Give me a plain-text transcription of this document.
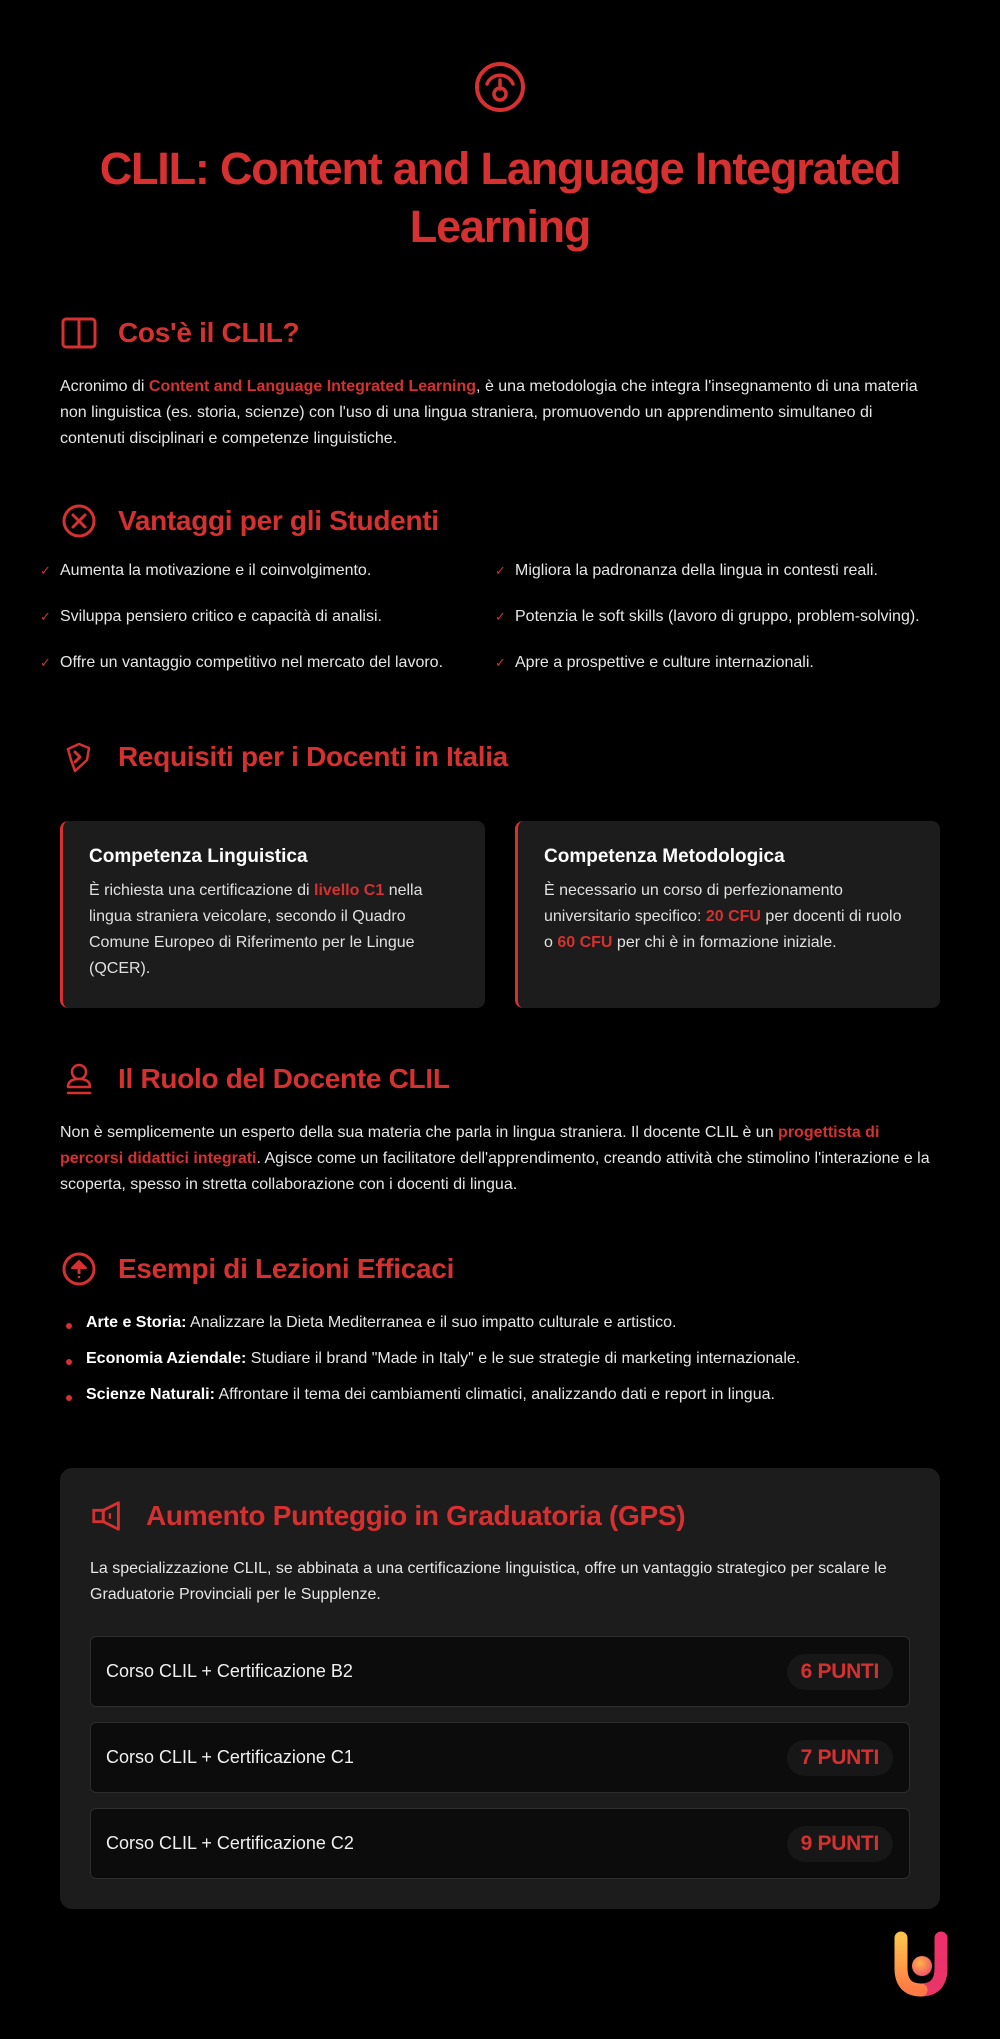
CLIL: Content and Language Integrated Learning
Cos'è il CLIL?

Acronimo di Content and Language Integrated Learning, è una metodologia che integra l'insegnamento di una materia non linguistica (es. storia, scienze) con l'uso di una lingua straniera, promuovendo un apprendimento simultaneo di contenuti disciplinari e competenze linguistiche.

Vantaggi per gli Studenti
✓ Aumenta la motivazione e il coinvolgimento.	✓ Migliora la padronanza della lingua in contesti reali.
✓ Sviluppa pensiero critico e capacità di analisi.	✓ Potenzia le soft skills (lavoro di gruppo, problem-solving).
✓ Offre un vantaggio competitivo nel mercato del lavoro.	✓ Apre a prospettive e culture internazionali.
Requisiti per i Docenti in Italia
Competenza Linguistica

È richiesta una certificazione di livello C1 nella lingua straniera veicolare, secondo il Quadro Comune Europeo di Riferimento per le Lingue (QCER).

Competenza Metodologica

È necessario un corso di perfezionamento universitario specifico: 20 CFU per docenti di ruolo o 60 CFU per chi è in formazione iniziale.

Il Ruolo del Docente CLIL

Non è semplicemente un esperto della sua materia che parla in lingua straniera. Il docente CLIL è un progettista di percorsi didattici integrati. Agisce come un facilitatore dell'apprendimento, creando attività che stimolino l'interazione e la scoperta, spesso in stretta collaborazione con i docenti di lingua.

Esempi di Lezioni Efficaci
Arte e Storia: Analizzare la Dieta Mediterranea e il suo impatto culturale e artistico.
Economia Aziendale: Studiare il brand "Made in Italy" e le sue strategie di marketing internazionale.
Scienze Naturali: Affrontare il tema dei cambiamenti climatici, analizzando dati e report in lingua.
Aumento Punteggio in Graduatoria (GPS)

La specializzazione CLIL, se abbinata a una certificazione linguistica, offre un vantaggio strategico per scalare le Graduatorie Provinciali per le Supplenze.

Corso CLIL + Certificazione B2	6 PUNTI
Corso CLIL + Certificazione C1	7 PUNTI
Corso CLIL + Certificazione C2	9 PUNTI
